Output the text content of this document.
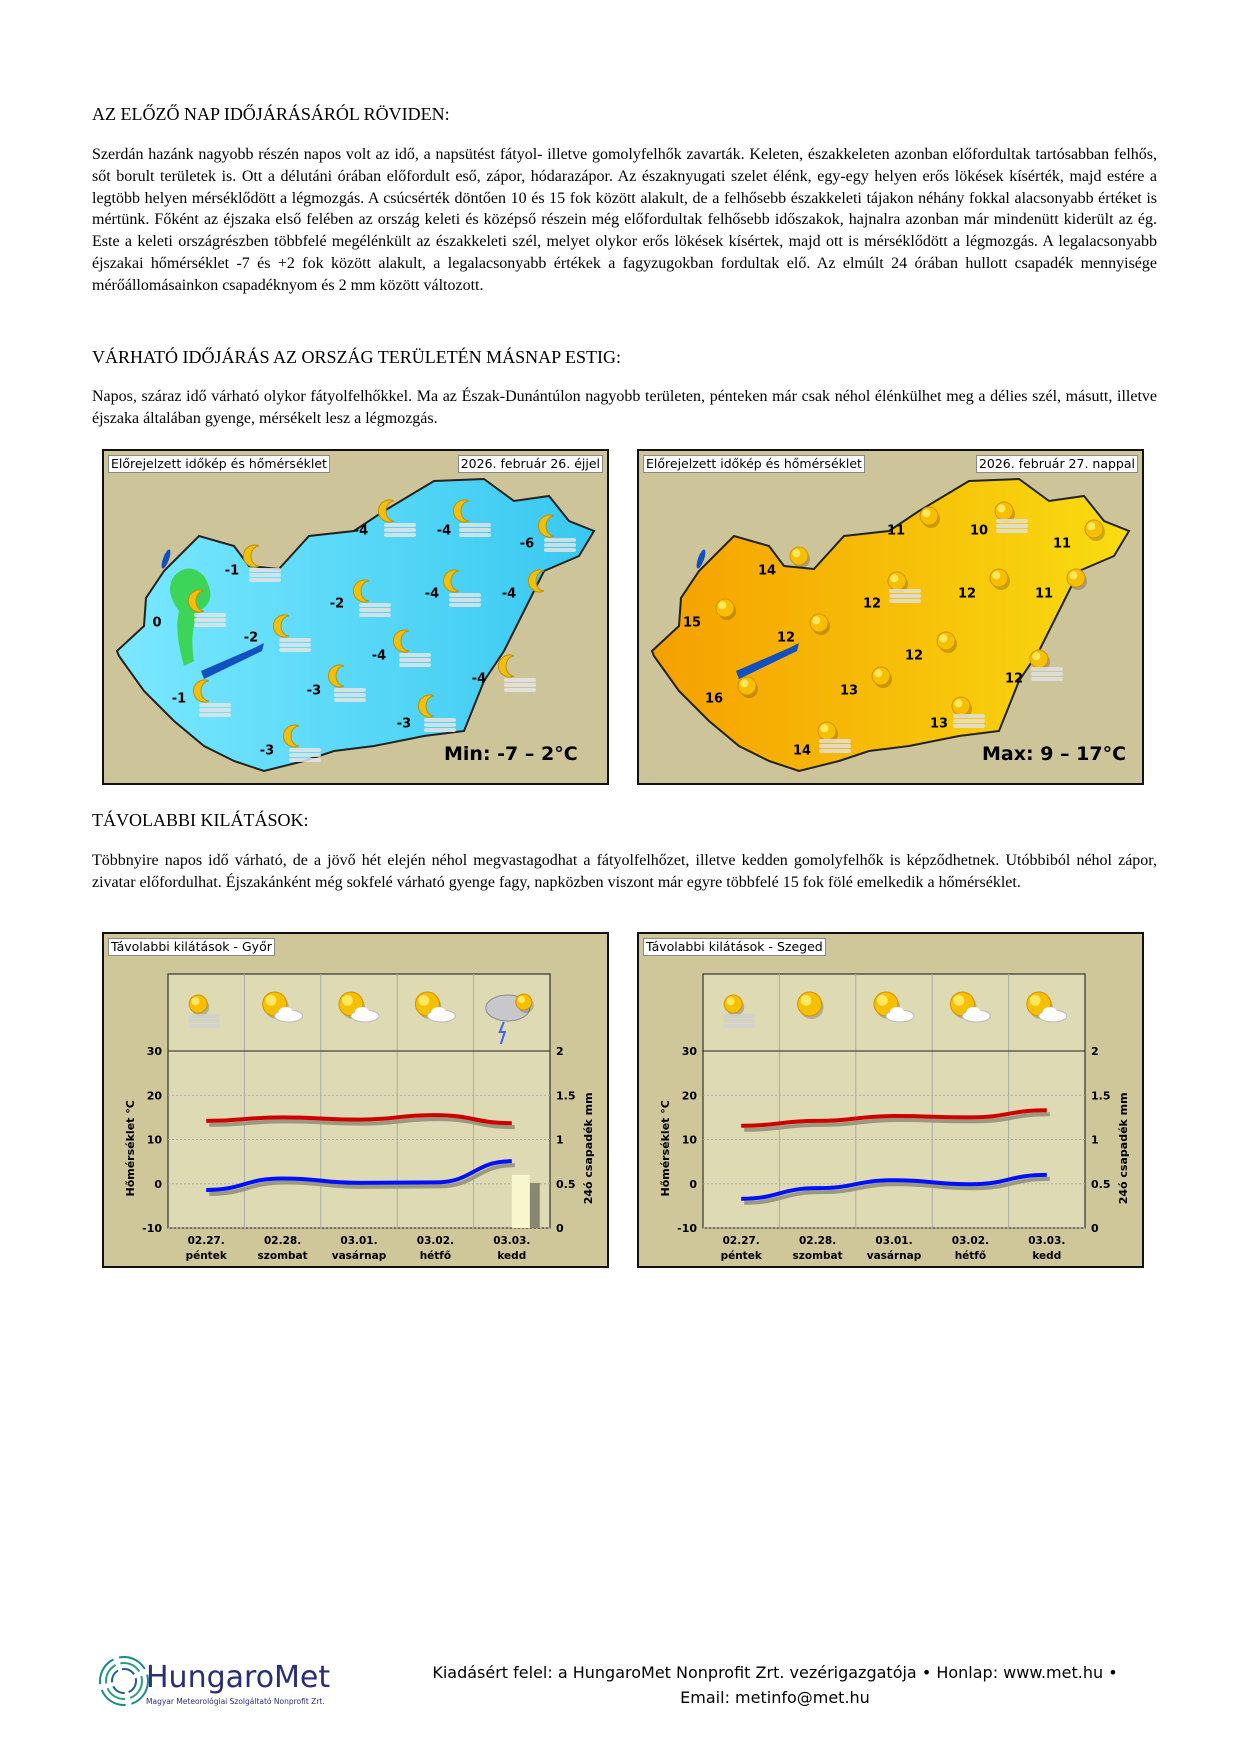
AZ ELŐZŐ NAP IDŐJÁRÁSÁRÓL RÖVIDEN:
Szerdán hazánk nagyobb részén napos volt az idő, a napsütést fátyol- illetve gomolyfelhők zavarták. Keleten, északkeleten azonban előfordultak tartósabban felhős, sőt borult területek is. Ott a délutáni órában előfordult eső, zápor, hódarazápor. Az északnyugati szelet élénk, egy-egy helyen erős lökések kísérték, majd estére a legtöbb helyen mérséklődött a légmozgás. A csúcsérték döntően 10 és 15 fok között alakult, de a felhősebb északkeleti tájakon néhány fokkal alacsonyabb értéket is mértünk. Főként az éjszaka első felében az ország keleti és középső részein még előfordultak felhősebb időszakok, hajnalra azonban már mindenütt kiderült az ég. Este a keleti országrészben többfelé megélénkült az északkeleti szél, melyet olykor erős lökések kísértek, majd ott is mérséklődött a légmozgás. A legalacsonyabb éjszakai hőmérséklet -7 és +2 fok között alakult, a legalacsonyabb értékek a fagyzugokban fordultak elő. Az elmúlt 24 órában hullott csapadék mennyisége mérőállomásainkon csapadéknyom és 2 mm között változott.
VÁRHATÓ IDŐJÁRÁS AZ ORSZÁG TERÜLETÉN MÁSNAP ESTIG:
Napos, száraz idő várható olykor fátyolfelhőkkel. Ma az Észak-Dunántúlon nagyobb területen, pénteken már csak néhol élénkülhet meg a délies szél, másutt, illetve éjszaka általában gyenge, mérsékelt lesz a légmozgás.
Előrejelzett időkép és hőmérséklet	2026. február 26. éjjel
-4	-4
-6
-1
-4	-4
-2
0
-2
-4
-4
-3
-1
-3
-3	Min: -7 – 2°C
Előrejelzett időkép és hőmérséklet	2026. február 27. nappal
11	10
11
14
12	11
12
15
12
12
12
13
16
13
14	Max: 9 – 17°C
TÁVOLABBI KILÁTÁSOK:
Többnyire napos idő várható, de a jövő hét elején néhol megvastagodhat a fátyolfelhőzet, illetve kedden gomolyfelhők is képződhetnek. Utóbbiból néhol zápor, zivatar előfordulhat. Éjszakánként még sokfelé várható gyenge fagy, napközben viszont már egyre többfelé 15 fok fölé emelkedik a hőmérséklet.
30	2
20	1.5
10	1
0	0.5
-10	0
Hőmérséklet °C	24ó csapadék mm
02.27.
péntek
02.28.
szombat
03.01.
vasárnap
03.02.
hétfő
03.03.
kedd
Távolabbi kilátások - Győr
30	2
20	1.5
10	1
0	0.5
-10	0
Hőmérséklet °C	24ó csapadék mm
02.27.
péntek
02.28.
szombat
03.01.
vasárnap
03.02.
hétfő
03.03.
kedd
Távolabbi kilátások - Szeged
HungaroMet
Magyar Meteorológiai Szolgáltató Nonprofit Zrt.
Kiadásért felel: a HungaroMet Nonprofit Zrt. vezérigazgatója • Honlap: www.met.hu •
Email: metinfo@met.hu
